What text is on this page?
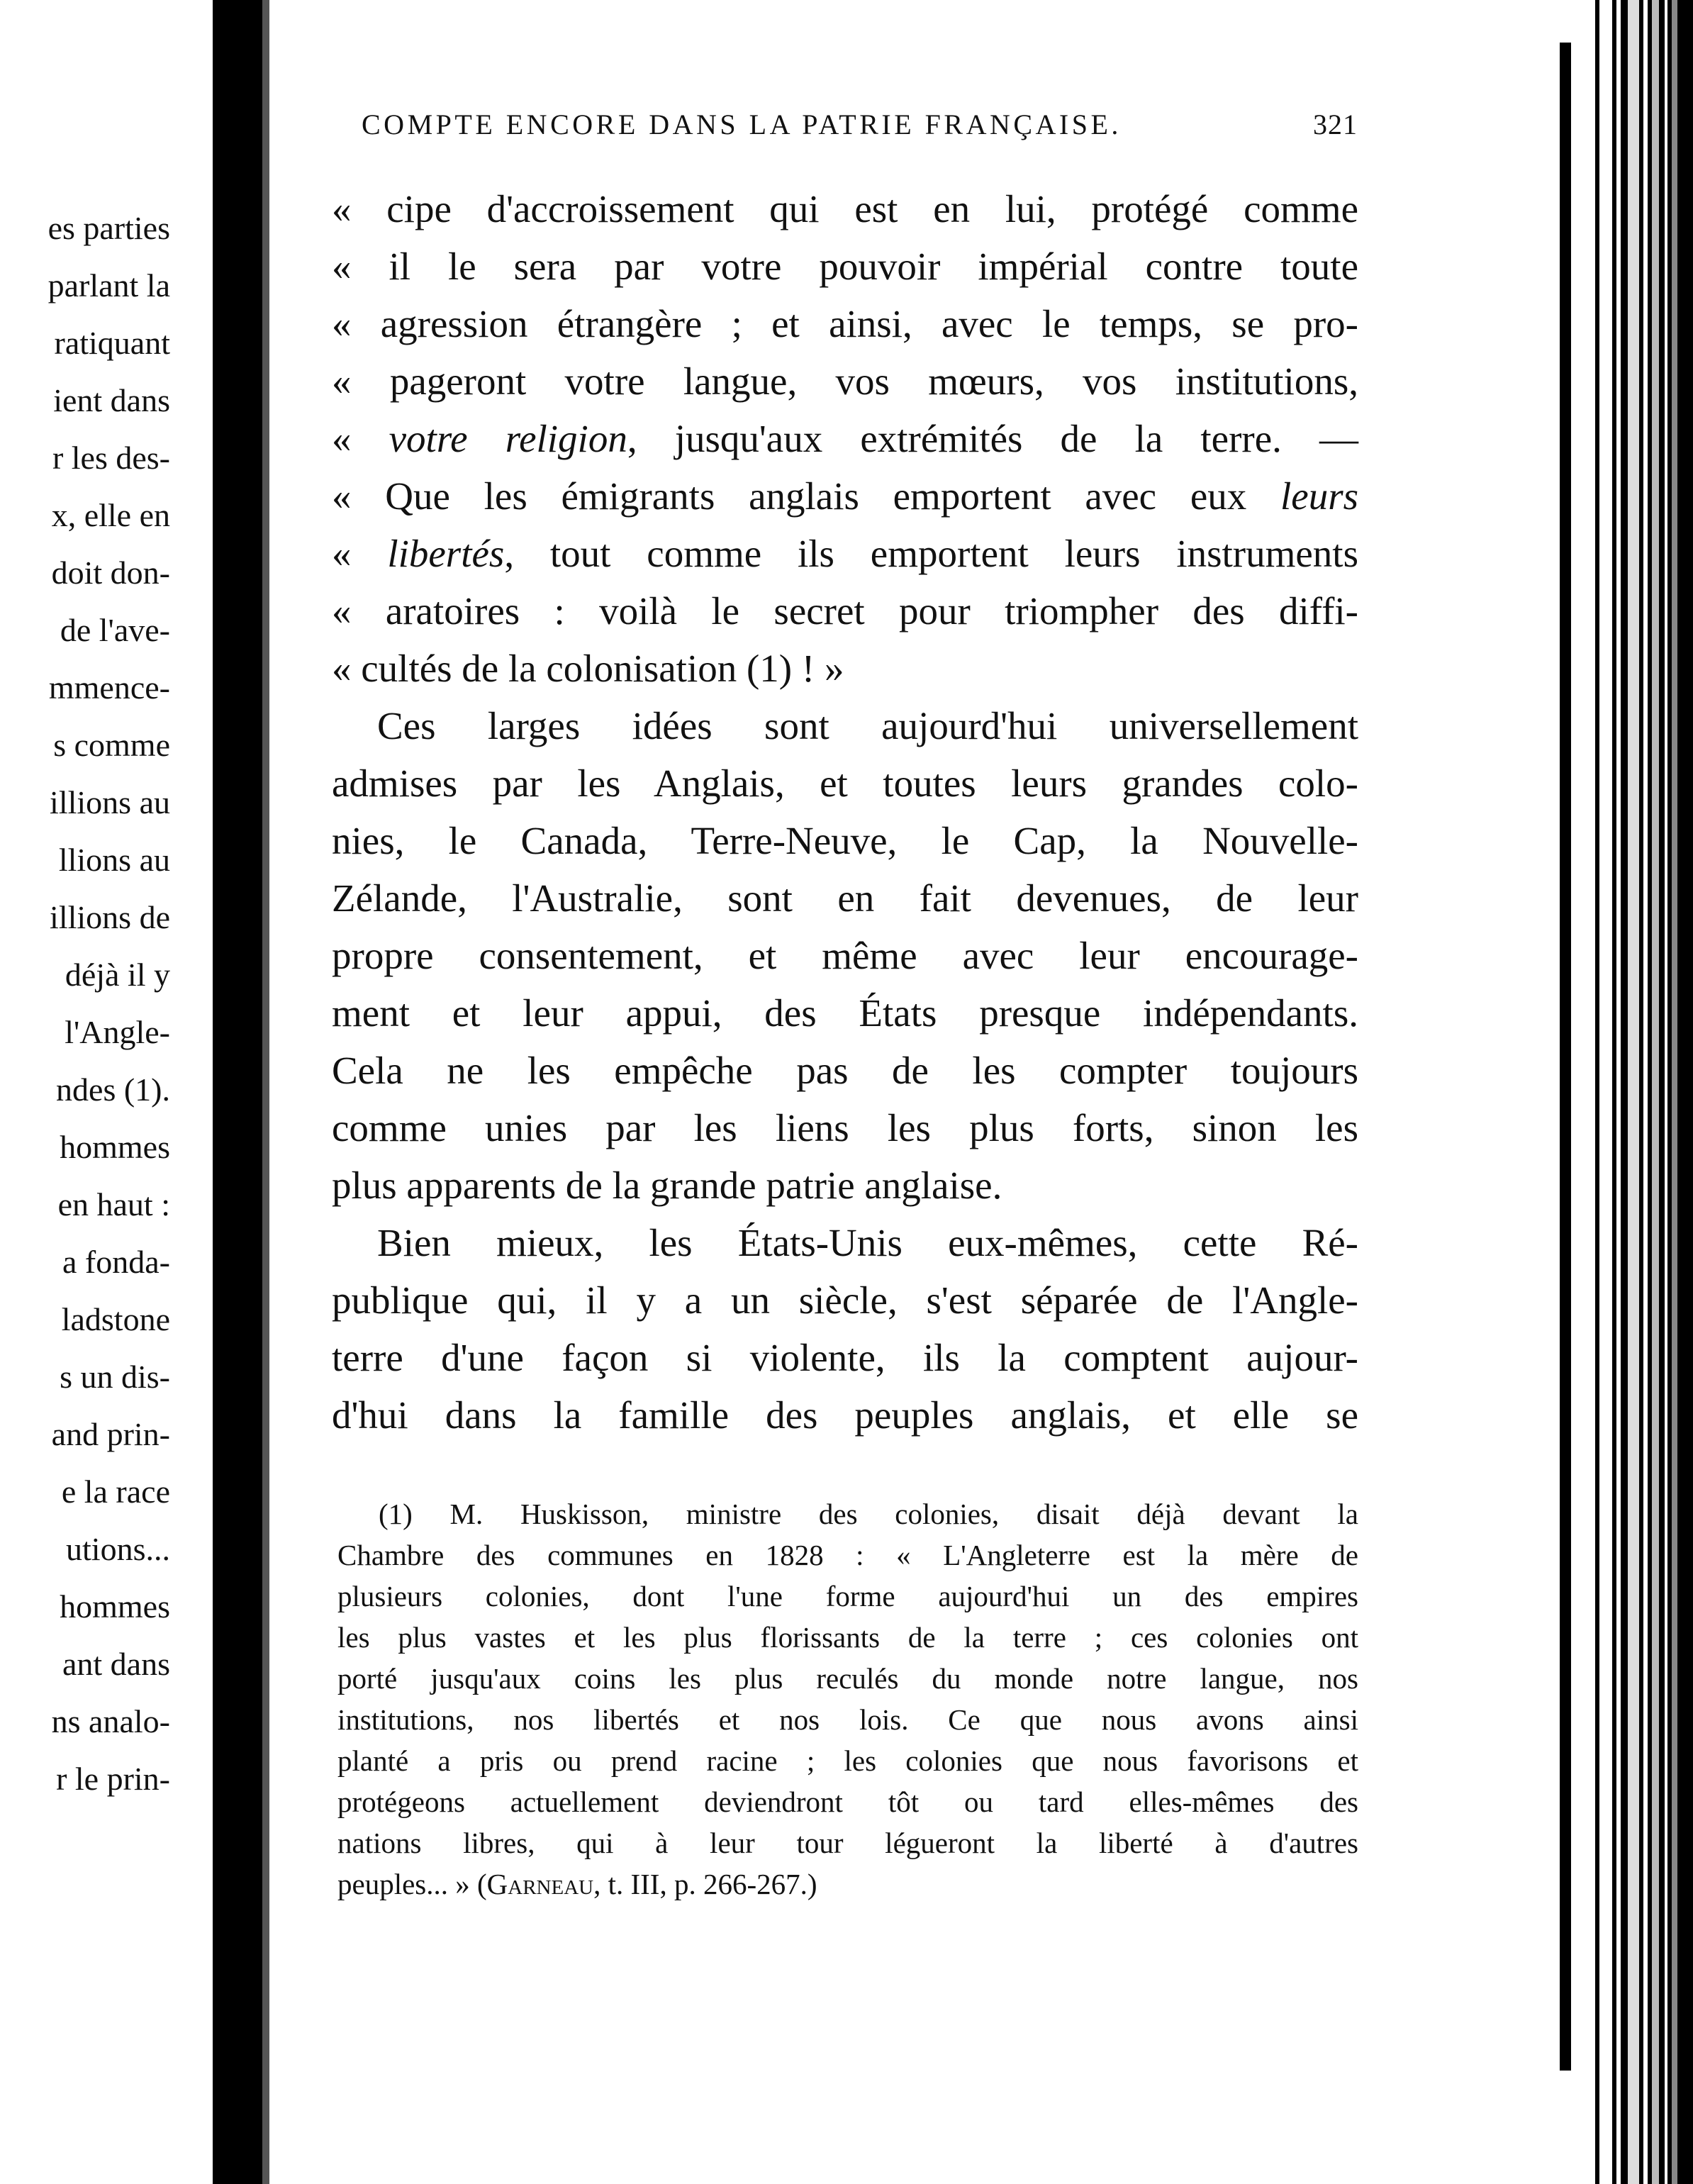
es parties
parlant la
ratiquant
ient dans
r les des-
x, elle en
doit don-
de l'ave-
mmence-
s comme
illions au
llions au
illions de
déjà il y
l'Angle-
ndes (1).
hommes
en haut :
a fonda-
ladstone
s un dis-
and prin-
e la race
utions...
hommes
ant dans
ns analo-
r le prin-
COMPTE ENCORE DANS LA PATRIE FRANÇAISE.	321
« cipe d'accroissement qui est en lui, protégé comme
« il le sera par votre pouvoir impérial contre toute
« agression étrangère ; et ainsi, avec le temps, se pro-
« pageront votre langue, vos mœurs, vos institutions,
« votre religion, jusqu'aux extrémités de la terre. —
« Que les émigrants anglais emportent avec eux leurs
« libertés, tout comme ils emportent leurs instruments
« aratoires : voilà le secret pour triompher des diffi-
« cultés de la colonisation (1) ! »
Ces larges idées sont aujourd'hui universellement
admises par les Anglais, et toutes leurs grandes colo-
nies, le Canada, Terre-Neuve, le Cap, la Nouvelle-
Zélande, l'Australie, sont en fait devenues, de leur
propre consentement, et même avec leur encourage-
ment et leur appui, des États presque indépendants.
Cela ne les empêche pas de les compter toujours
comme unies par les liens les plus forts, sinon les
plus apparents de la grande patrie anglaise.
Bien mieux, les États-Unis eux-mêmes, cette Ré-
publique qui, il y a un siècle, s'est séparée de l'Angle-
terre d'une façon si violente, ils la comptent aujour-
d'hui dans la famille des peuples anglais, et elle se
(1) M. Huskisson, ministre des colonies, disait déjà devant la
Chambre des communes en 1828 : « L'Angleterre est la mère de
plusieurs colonies, dont l'une forme aujourd'hui un des empires
les plus vastes et les plus florissants de la terre ; ces colonies ont
porté jusqu'aux coins les plus reculés du monde notre langue, nos
institutions, nos libertés et nos lois. Ce que nous avons ainsi
planté a pris ou prend racine ; les colonies que nous favorisons et
protégeons actuellement deviendront tôt ou tard elles-mêmes des
nations libres, qui à leur tour légueront la liberté à d'autres
peuples... » (Garneau, t. III, p. 266-267.)
